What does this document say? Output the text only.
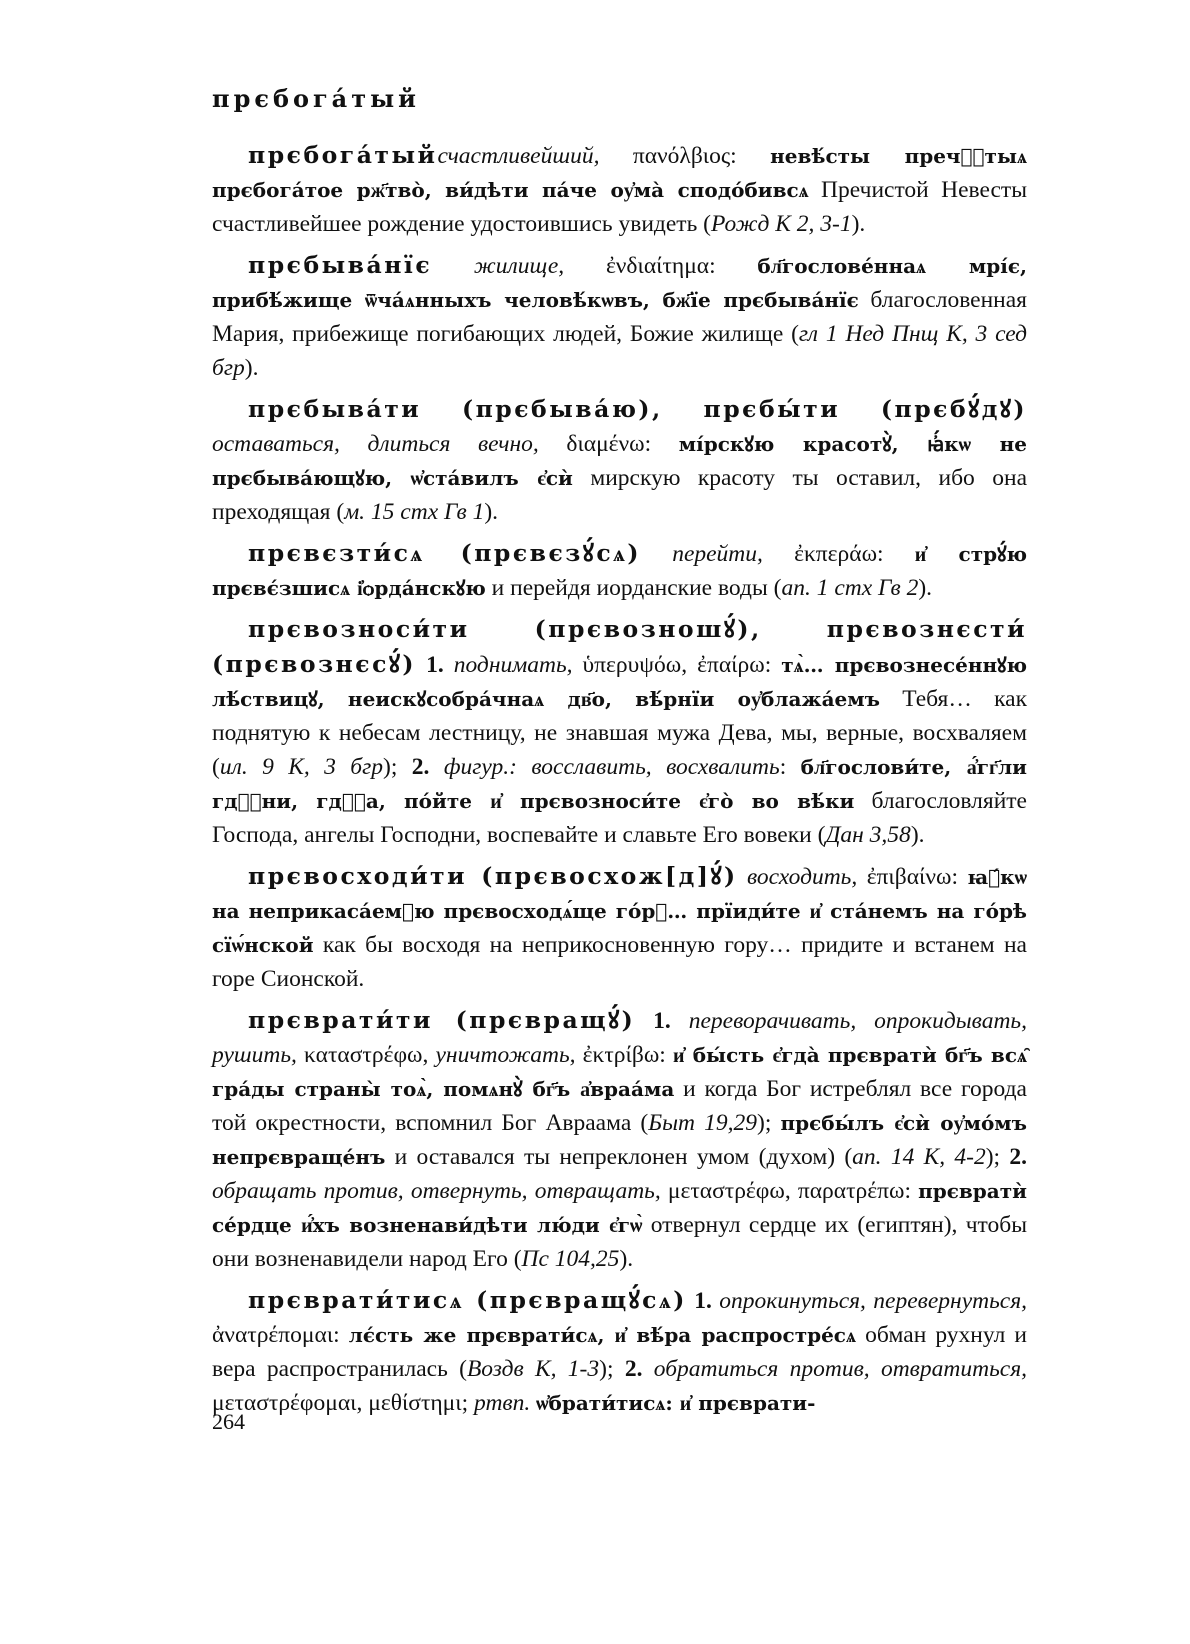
прєбога́тый

прєбога́тыйсчастливейший, πανόλβιος: невѣ́сты пречⷭ҇тыѧ прєбога́тое рж҃тво̀, ви́дѣти па́че оу҆ма̀ сподо́бивсѧ Пречистой Невесты счастливейшее рождение удостоившись увидеть (Рожд К 2, 3-1).

прєбыва́нїє жилище, ἐνδιαίτημα: бл҃гослове́ннаѧ мрі́є, прибѣ́жище ѿча́ѧнныхъ человѣ́кѡвъ, бж҃їе прєбыва́нїє благословенная Мария, прибежище погибающих людей, Божие жилище (гл 1 Нед Пнщ К, 3 сед бгр).

прєбыва́ти (прєбыва́ю), прєбы́ти (прєбꙋ́дꙋ) оставаться, длиться вечно, διαμένω: мі́рскꙋю красотꙋ̀, ꙗ҆́кѡ не прєбыва́ющꙋю, ѡ҆ста́вилъ є҆сѝ мирскую красоту ты оставил, ибо она преходящая (м. 15 стх Гв 1).

прєвєзти́сѧ (прєвєзꙋ́сѧ) перейти, ἐκπεράω: и҆ стрꙋ́ю прєвє́зшисѧ і҆ѻрда́нскꙋю и перейдя иорданские воды (ап. 1 стх Гв 2).

прєвозноси́ти (прєвозношꙋ́), прєвознєсти́ (прєвознєсꙋ́) 1. поднимать, ὑπερυψόω, ἐπαίρω: тѧ̀… прєвознесе́ннꙋю лѣ́ствицꙋ, неискꙋсобра́чнаѧ дв҃о, вѣ́рнїи оу҆блажа́емъ Тебя… как поднятую к небесам лестницу, не знавшая мужа Дева, мы, верные, восхваляем (ил. 9 К, 3 бгр); 2. фигур.: восславить, восхвалить: бл҃гослови́те, а҆́гг҃ли гдⷭ҇ни, гдⷭ҇а, по́йте и҆ прєвозноси́те є҆го̀ во вѣ́ки благословляйте Господа, ангелы Господни, воспевайте и славьте Его вовеки (Дан 3,58).

прєвосходи́ти (прєвосхож[д]ꙋ́) восходить, ἐπιβαίνω: ꙗ҆́кѡ на неприкаса́емꙋю прєвосходѧ́ще го́рꙋ… прїиди́те и҆ ста́немъ на го́рѣ сїѡ́нской как бы восходя на неприкосновенную гору… придите и встанем на горе Сионской.

прєврати́ти (прєвращꙋ́) 1. переворачивать, опрокидывать, рушить, καταστρέφω, уничтожать, ἐκτρίβω: и҆ бы́сть є҆гда̀ прєвратѝ бг҃ъ всѧ̑ гра́ды страны̀ тоѧ̀, помѧнꙋ̀ бг҃ъ а҆враа́ма и когда Бог истреблял все города той окрестности, вспомнил Бог Авраама (Быт 19,29); прєбы́лъ є҆сѝ оу҆мо́мъ непрєвраще́нъ и оставался ты непреклонен умом (духом) (ап. 14 К, 4-2); 2. обращать против, отвернуть, отвращать, μεταστρέφω, παρατρέπω: прєвратѝ се́рдце и҆́хъ возненави́дѣти лю́ди є҆гѡ̀ отвернул сердце их (египтян), чтобы они возненавидели народ Его (Пс 104,25).

прєврати́тисѧ (прєвращꙋ́сѧ) 1. опрокинуться, перевернуться, ἀνατρέπομαι: лє́сть же прєврати́сѧ, и҆ вѣ́ра распростре́сѧ обман рухнул и вера распространилась (Воздв К, 1-3); 2. обратиться против, отвратиться, μεταστρέφομαι, μεθίστημι; ртвп. ѡ҆брати́тисѧ: и҆ прєврати-

264
